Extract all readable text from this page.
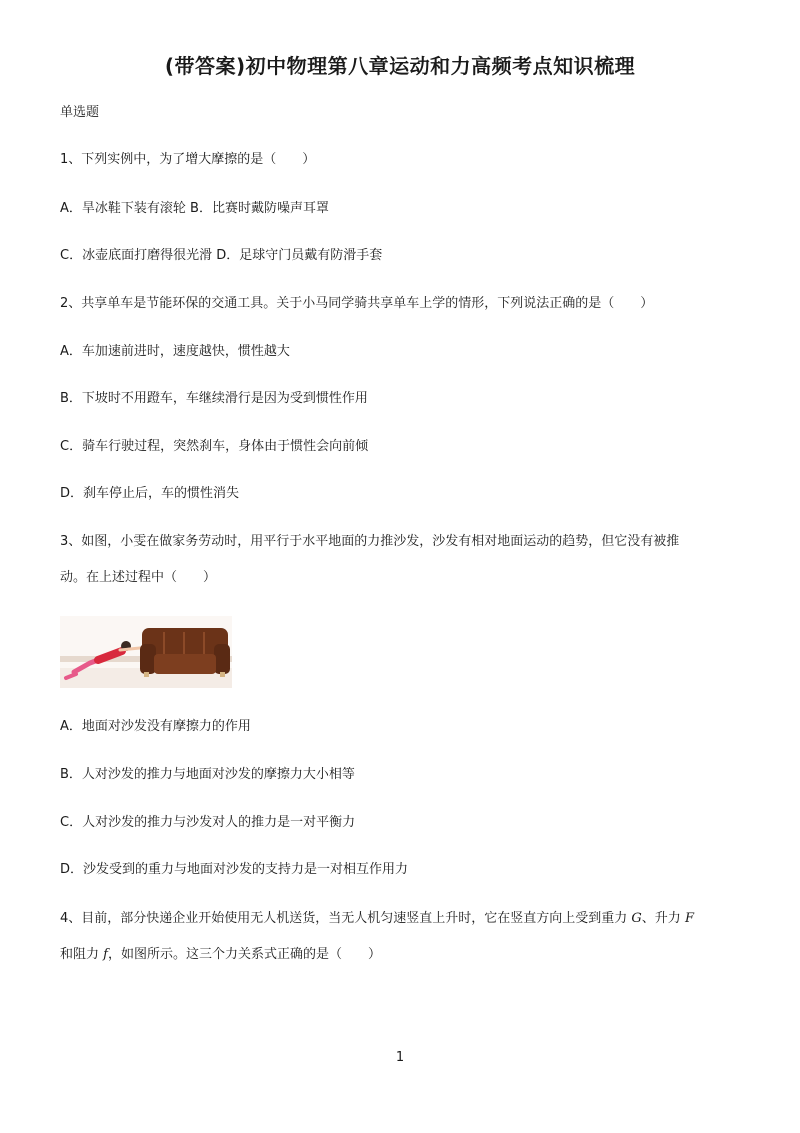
(带答案)初中物理第八章运动和力高频考点知识梳理
单选题
1、下列实例中，为了增大摩擦的是（　　）
A．旱冰鞋下装有滚轮 B．比赛时戴防噪声耳罩
C．冰壶底面打磨得很光滑 D．足球守门员戴有防滑手套
2、共享单车是节能环保的交通工具。关于小马同学骑共享单车上学的情形，下列说法正确的是（　　）
A．车加速前进时，速度越快，惯性越大
B．下坡时不用蹬车，车继续滑行是因为受到惯性作用
C．骑车行驶过程，突然刹车，身体由于惯性会向前倾
D．刹车停止后，车的惯性消失
3、如图，小雯在做家务劳动时，用平行于水平地面的力推沙发，沙发有相对地面运动的趋势，但它没有被推
动。在上述过程中（　　）
A．地面对沙发没有摩擦力的作用
B．人对沙发的推力与地面对沙发的摩擦力大小相等
C．人对沙发的推力与沙发对人的推力是一对平衡力
D．沙发受到的重力与地面对沙发的支持力是一对相互作用力
4、目前，部分快递企业开始使用无人机送货，当无人机匀速竖直上升时，它在竖直方向上受到重力 G、升力 F
和阻力 f，如图所示。这三个力关系式正确的是（　　）
1
